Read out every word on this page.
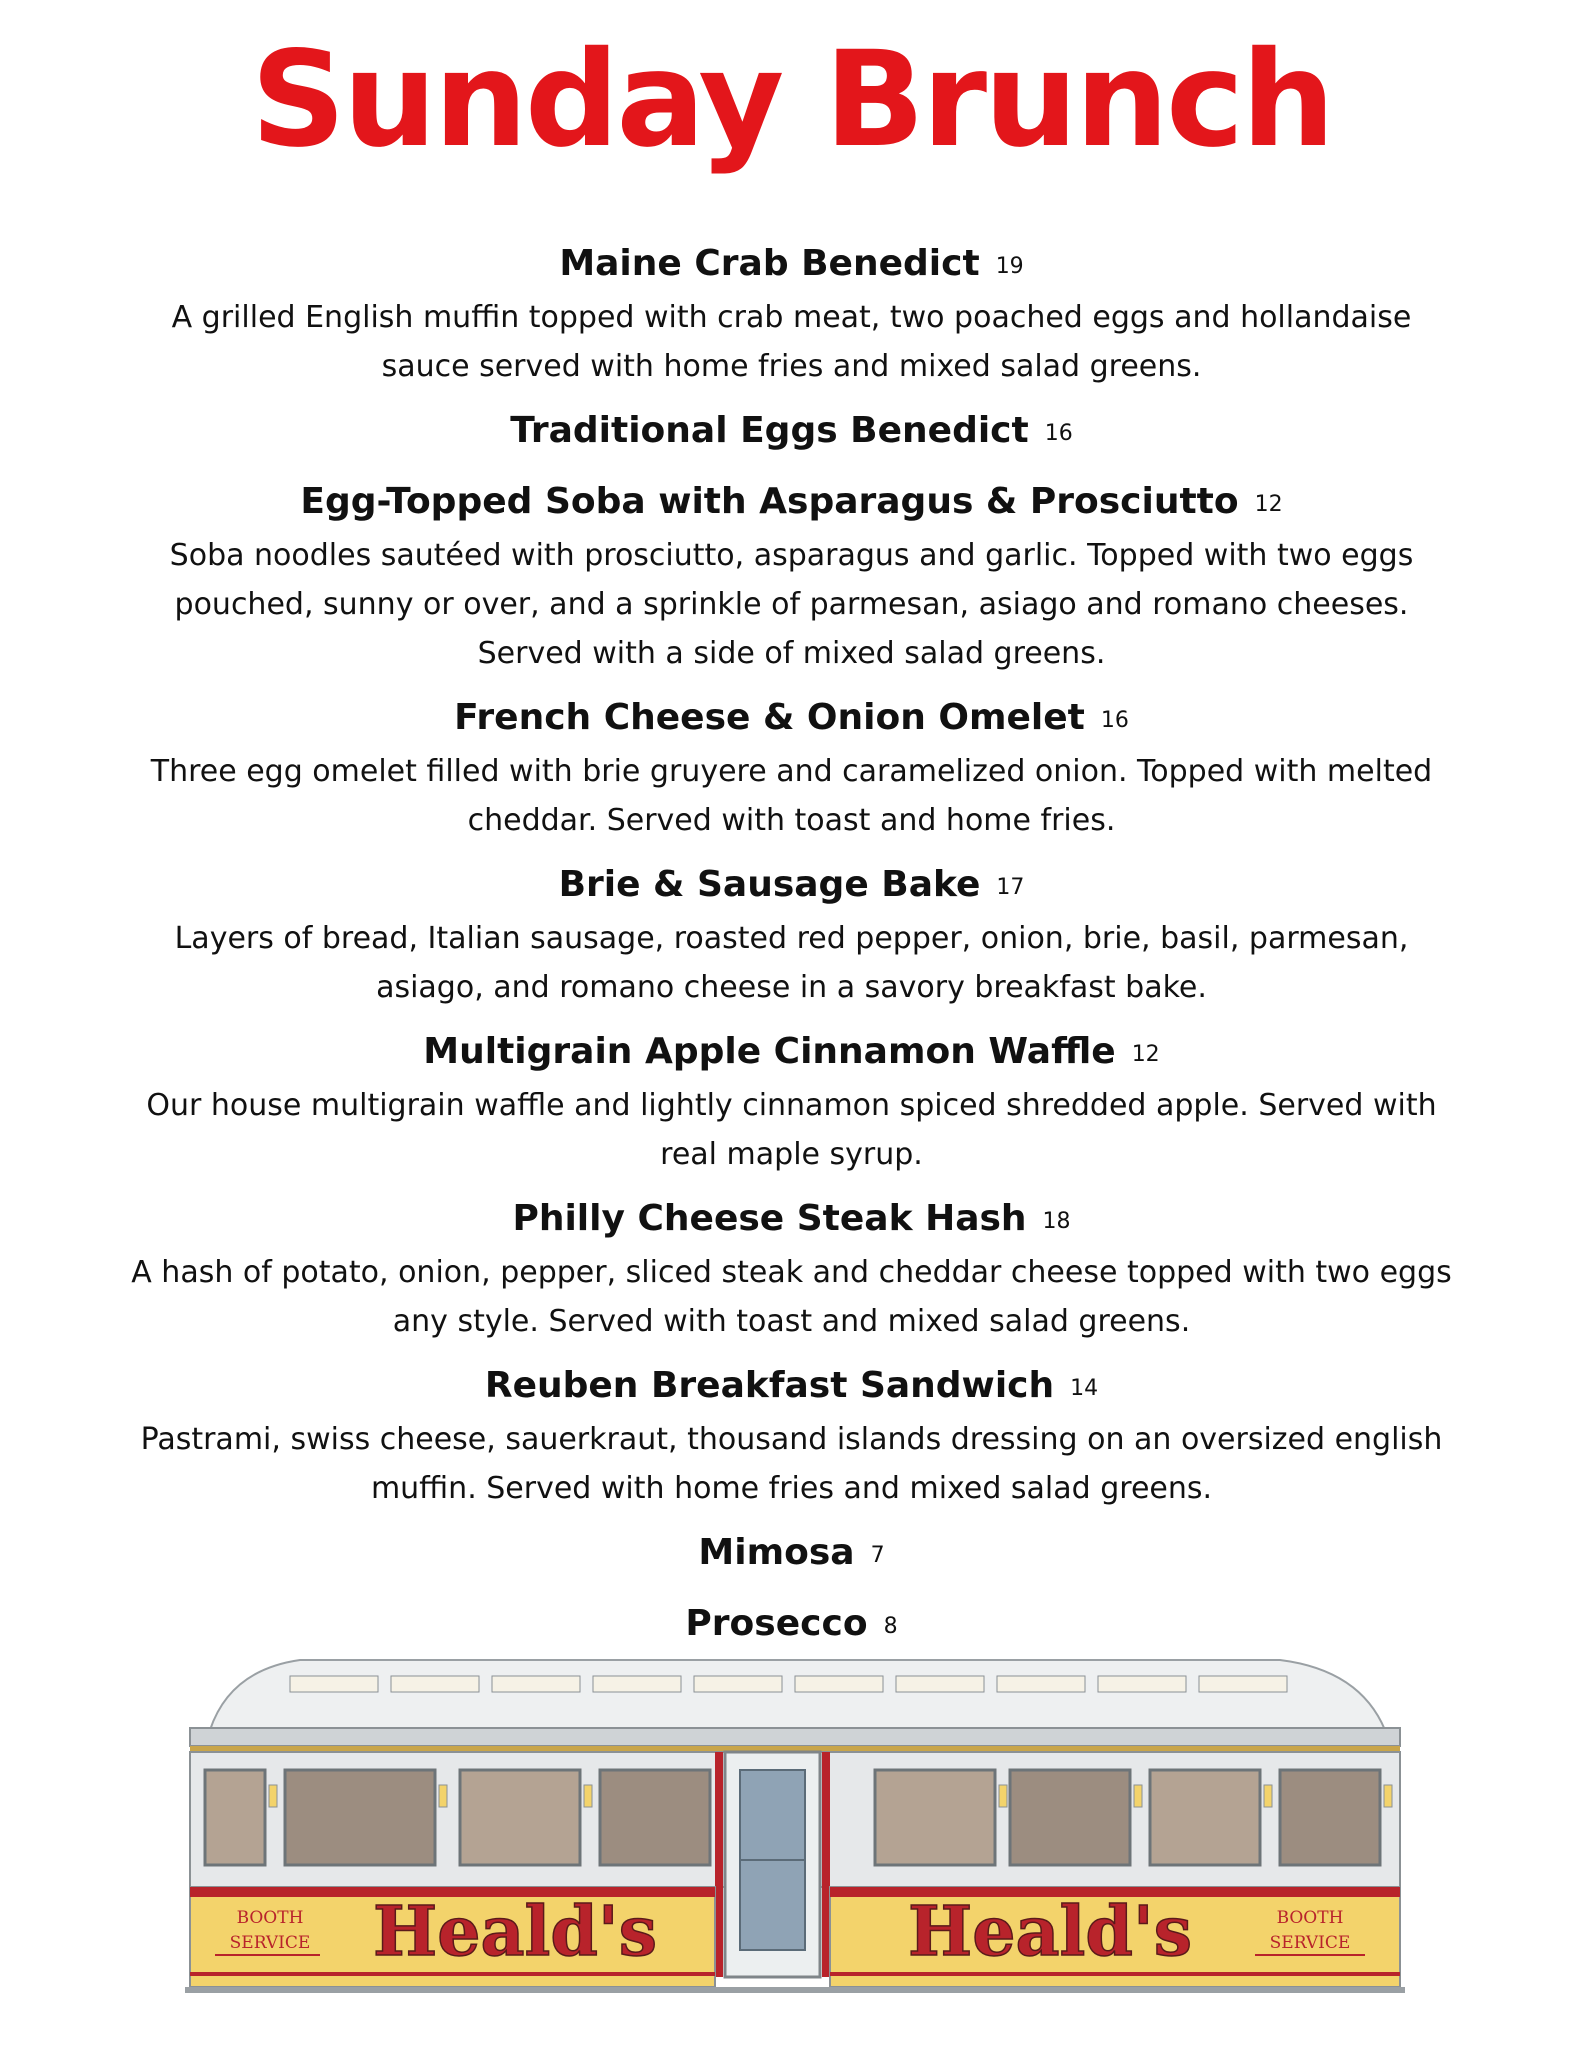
Sunday Brunch
Maine Crab Benedict 19
A grilled English muffin topped with crab meat, two poached eggs and hollandaise
sauce served with home fries and mixed salad greens.
Traditional Eggs Benedict 16
Egg-Topped Soba with Asparagus & Prosciutto 12
Soba noodles sautéed with prosciutto, asparagus and garlic. Topped with two eggs
pouched, sunny or over, and a sprinkle of parmesan, asiago and romano cheeses.
Served with a side of mixed salad greens.
French Cheese & Onion Omelet 16
Three egg omelet filled with brie gruyere and caramelized onion. Topped with melted
cheddar. Served with toast and home fries.
Brie & Sausage Bake 17
Layers of bread, Italian sausage, roasted red pepper, onion, brie, basil, parmesan,
asiago, and romano cheese in a savory breakfast bake.
Multigrain Apple Cinnamon Waffle 12
Our house multigrain waffle and lightly cinnamon spiced shredded apple. Served with
real maple syrup.
Philly Cheese Steak Hash 18
A hash of potato, onion, pepper, sliced steak and cheddar cheese topped with two eggs
any style. Served with toast and mixed salad greens.
Reuben Breakfast Sandwich 14
Pastrami, swiss cheese, sauerkraut, thousand islands dressing on an oversized english
muffin. Served with home fries and mixed salad greens.
Mimosa 7
Prosecco 8
BOOTH
SERVICE Heald's	Heald's	BOOTH
SERVICE
